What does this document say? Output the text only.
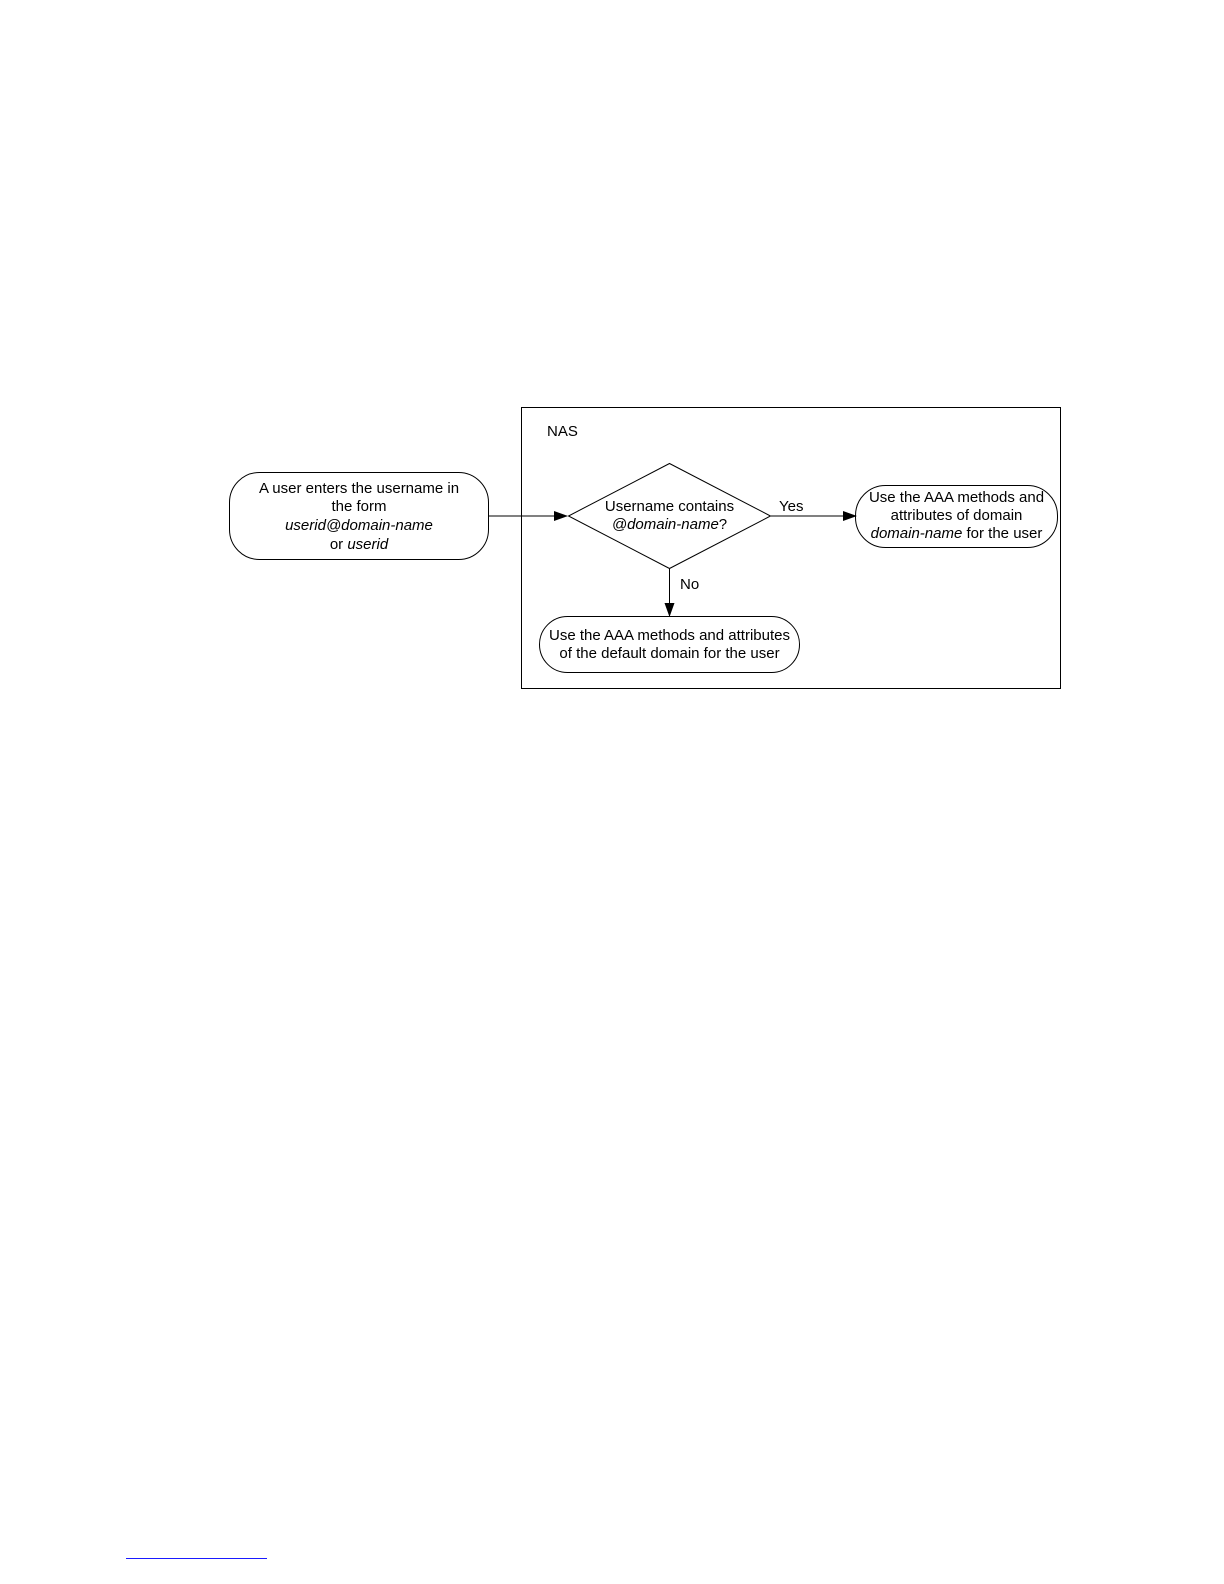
NAS
A user enters the username in
the form
userid@domain-name
or userid
Username contains
@domain-name?
Yes
Use the AAA methods and
attributes of domain
domain-name for the user
No
Use the AAA methods and attributes
of the default domain for the user
